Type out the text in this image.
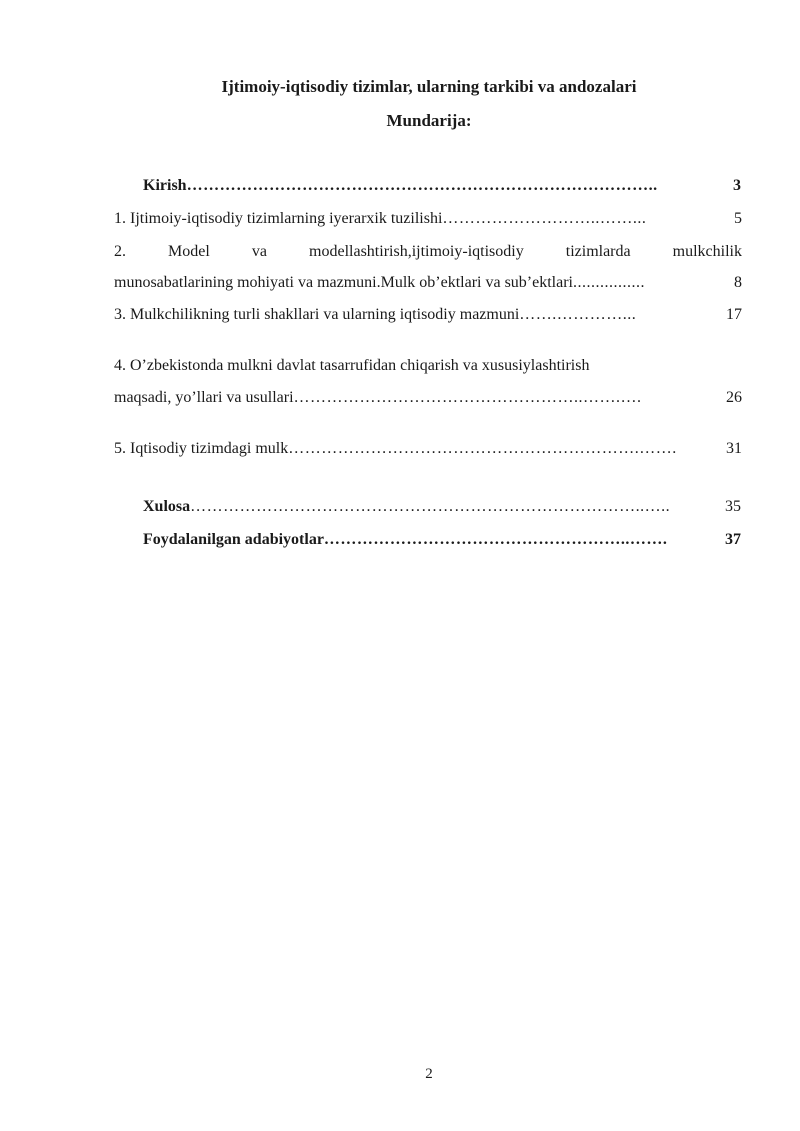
Ijtimoiy-iqtisodiy tizimlar, ularning tarkibi va andozalari
Mundarija:
Kirish …………………………………………………………………………..	3
1. Ijtimoiy-iqtisodiy tizimlarning iyerarxik tuzilishi ………………………..……...	5
2. Model va modellashtirish,ijtimoiy-iqtisodiy tizimlarda mulkchilik
munosabatlarining mohiyati va mazmuni.Mulk ob’ektlari va sub’ektlari ................	8
3. Mulkchilikning turli shakllari va ularning iqtisodiy mazmuni …….…………...	17
4. O’zbekistonda mulkni davlat tasarrufidan chiqarish va xususiylashtirish
maqsadi, yo’llari va usullari ……………………………………………..…….….	26
5. Iqtisodiy tizimdagi mulk ……………………………………………………….…….	31
Xulosa ………………………………………………………………………..…..	35
Foydalanilgan adabiyotlar ………………………………………………..…….	37
2
